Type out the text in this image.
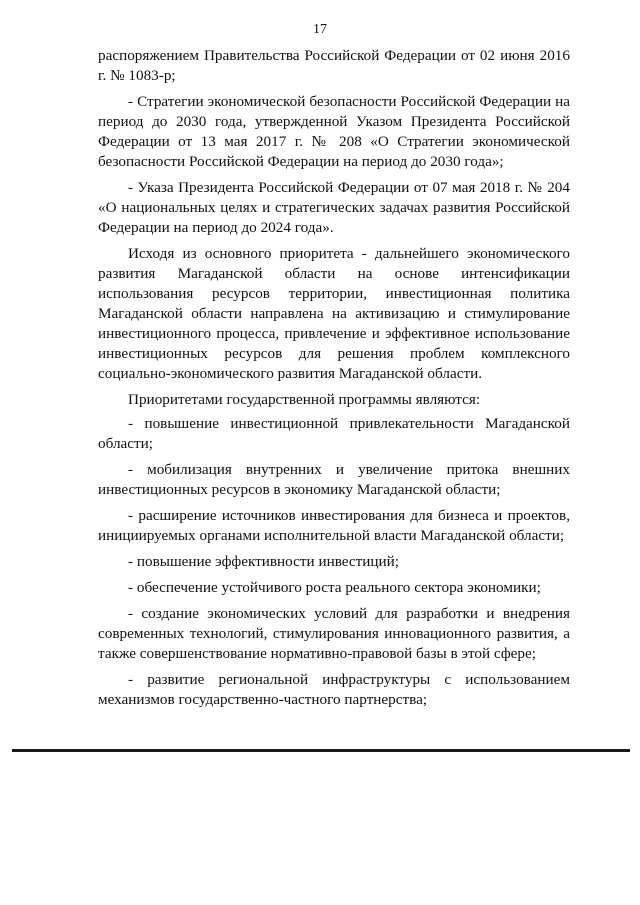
17

распоряжением Правительства Российской Федерации от 02 июня 2016 г. № 1083-р;

- Стратегии экономической безопасности Российской Федерации на период до 2030 года, утвержденной Указом Президента Российской Федерации от 13 мая 2017 г. № 208 «О Стратегии экономической безопасности Российской Федерации на период до 2030 года»;

- Указа Президента Российской Федерации от 07 мая 2018 г. № 204 «О национальных целях и стратегических задачах развития Российской Федерации на период до 2024 года».

Исходя из основного приоритета - дальнейшего экономического развития Магаданской области на основе интенсификации использования ресурсов территории, инвестиционная политика Магаданской области направлена на активизацию и стимулирование инвестиционного процесса, привлечение и эффективное использование инвестиционных ресурсов для решения проблем комплексного социально-экономического развития Магаданской области.

Приоритетами государственной программы являются:

- повышение инвестиционной привлекательности Магаданской области;

- мобилизация внутренних и увеличение притока внешних инвестиционных ресурсов в экономику Магаданской области;

- расширение источников инвестирования для бизнеса и проектов, инициируемых органами исполнительной власти Магаданской области;

- повышение эффективности инвестиций;

- обеспечение устойчивого роста реального сектора экономики;

- создание экономических условий для разработки и внедрения современных технологий, стимулирования инновационного развития, а также совершенствование нормативно-правовой базы в этой сфере;

- развитие региональной инфраструктуры с использованием механизмов государственно-частного партнерства;
